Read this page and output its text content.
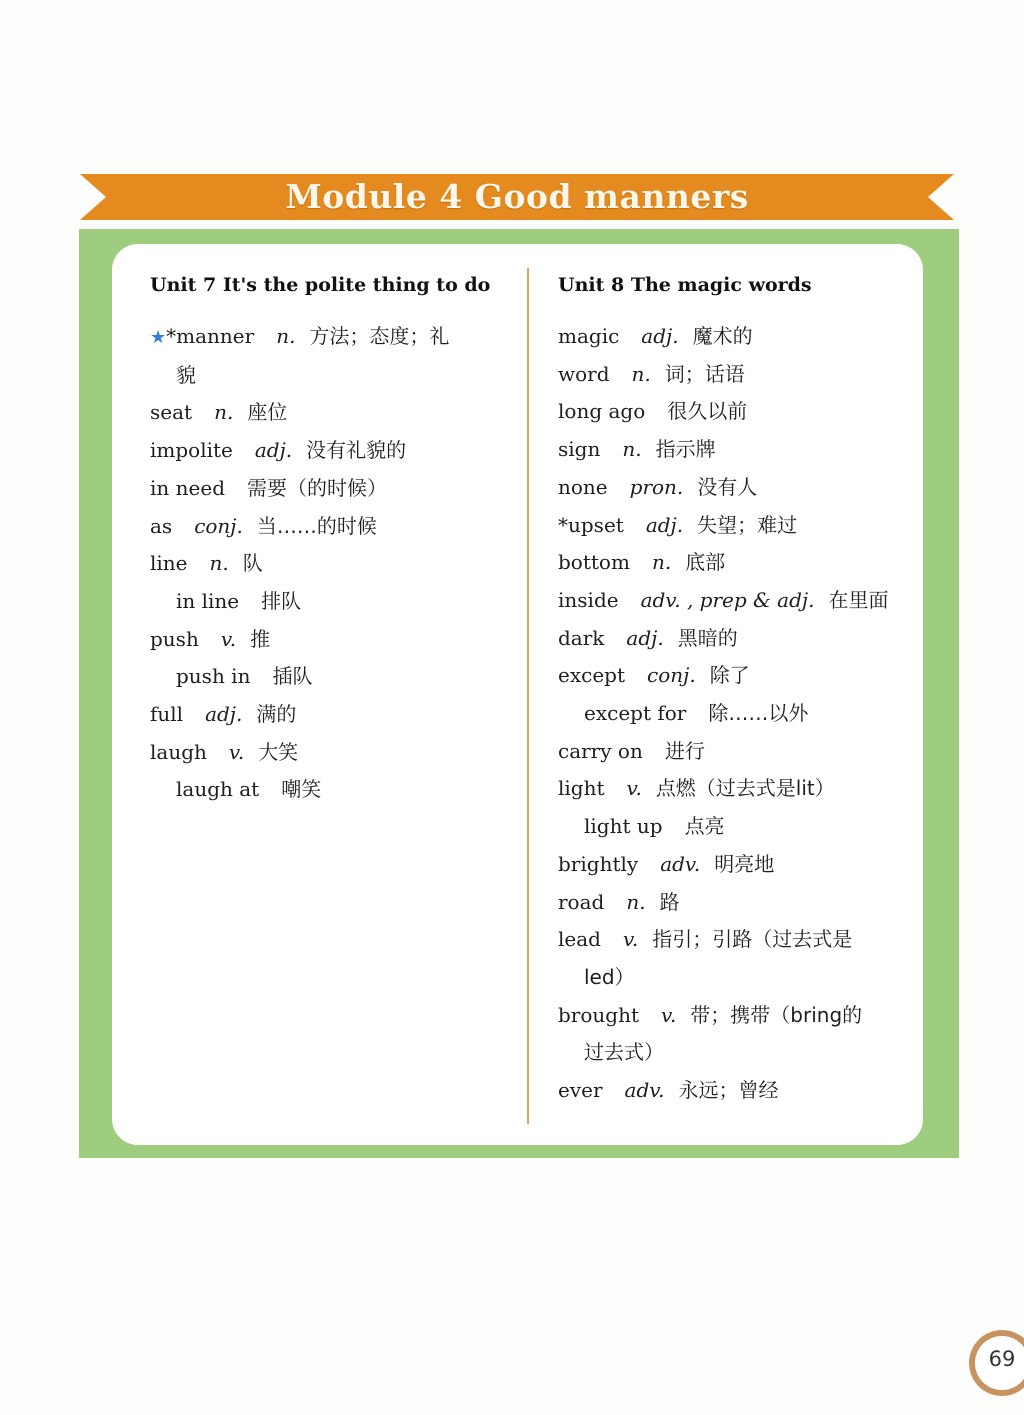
Module 4 Good manners
Unit 7 It's the polite thing to do
★*manner n. 方法；态度；礼
貌
seat n. 座位
impolite adj. 没有礼貌的
in need 需要（的时候）
as conj. 当……的时候
line n. 队
in line 排队
push v. 推
push in 插队
full adj. 满的
laugh v. 大笑
laugh at 嘲笑
Unit 8 The magic words
magic adj. 魔术的
word n. 词；话语
long ago 很久以前
sign n. 指示牌
none pron. 没有人
*upset adj. 失望；难过
bottom n. 底部
inside adv. , prep & adj. 在里面
dark adj. 黑暗的
except conj. 除了
except for 除……以外
carry on 进行
light v. 点燃（过去式是lit）
light up 点亮
brightly adv. 明亮地
road n. 路
lead v. 指引；引路（过去式是
led）
brought v. 带；携带（bring的
过去式）
ever adv. 永远；曾经
69
